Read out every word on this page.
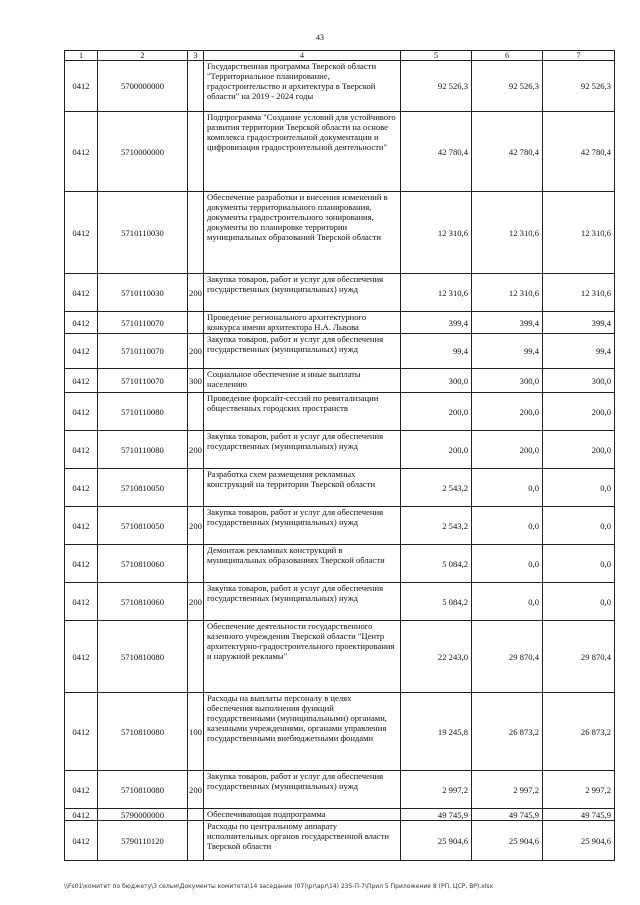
43
1	2	3	4	5	6	7
0412	5700000000		Государственная программа Тверской области "Территориальное планирование, градостроительство и архитектура в Тверской области" на 2019 - 2024 годы	92 526,3	92 526,3	92 526,3
0412	5710000000		Подпрограмма "Создание условий для устойчивого развития территории Тверской области на основе комплекса градостроительной документации и цифровизация градостроительной деятельности"	42 780,4	42 780,4	42 780,4
0412	5710110030		Обеспечение разработки и внесения изменений в документы территориального планирования, документы градостроительного зонирования, документы по планировке территории муниципальных образований Тверской области	12 310,6	12 310,6	12 310,6
0412	5710110030	200	Закупка товаров, работ и услуг для обеспечения государственных (муниципальных) нужд	12 310,6	12 310,6	12 310,6
0412	5710110070		Проведение регионального архитектурного конкурса имени архитектора Н.А. Львова	399,4	399,4	399,4
0412	5710110070	200	Закупка товаров, работ и услуг для обеспечения государственных (муниципальных) нужд	99,4	99,4	99,4
0412	5710110070	300	Социальное обеспечение и иные выплаты населению	300,0	300,0	300,0
0412	5710110080		Проведение форсайт-сессий по ревитализации общественных городских пространств	200,0	200,0	200,0
0412	5710110080	200	Закупка товаров, работ и услуг для обеспечения государственных (муниципальных) нужд	200,0	200,0	200,0
0412	5710810050		Разработка схем размещения рекламных конструкций на территории Тверской области	2 543,2	0,0	0,0
0412	5710810050	200	Закупка товаров, работ и услуг для обеспечения государственных (муниципальных) нужд	2 543,2	0,0	0,0
0412	5710810060		Демонтаж рекламных конструкций в муниципальных образованиях Тверской области	5 084,2	0,0	0,0
0412	5710810060	200	Закупка товаров, работ и услуг для обеспечения государственных (муниципальных) нужд	5 084,2	0,0	0,0
0412	5710810080		Обеспечение деятельности государственного казенного учреждения Тверской области "Центр архитектурно-градостроительного проектирования и наружной рекламы"	22 243,0	29 870,4	29 870,4
0412	5710810080	100	Расходы на выплаты персоналу в целях обеспечения выполнения функций государственными (муниципальными) органами, казенными учреждениями, органами управления государственными внебюджетными фондами	19 245,8	26 873,2	26 873,2
0412	5710810080	200	Закупка товаров, работ и услуг для обеспечения государственных (муниципальных) нужд	2 997,2	2 997,2	2 997,2
0412	5790000000		Обеспечивающая подпрограмма	49 745,9	49 745,9	49 745,9
0412	5790110120		Расходы по центральному аппарату исполнительных органов государственной власти Тверской области	25 904,6	25 904,6	25 904,6
\\Fs01\комитет по бюджету\3 сельм\Документы комитета\14 заседание (07)\pr\apr\14) 235-П-7\Прил 5 Приложение 8 (РП, ЦСР, ВР).xlsx
